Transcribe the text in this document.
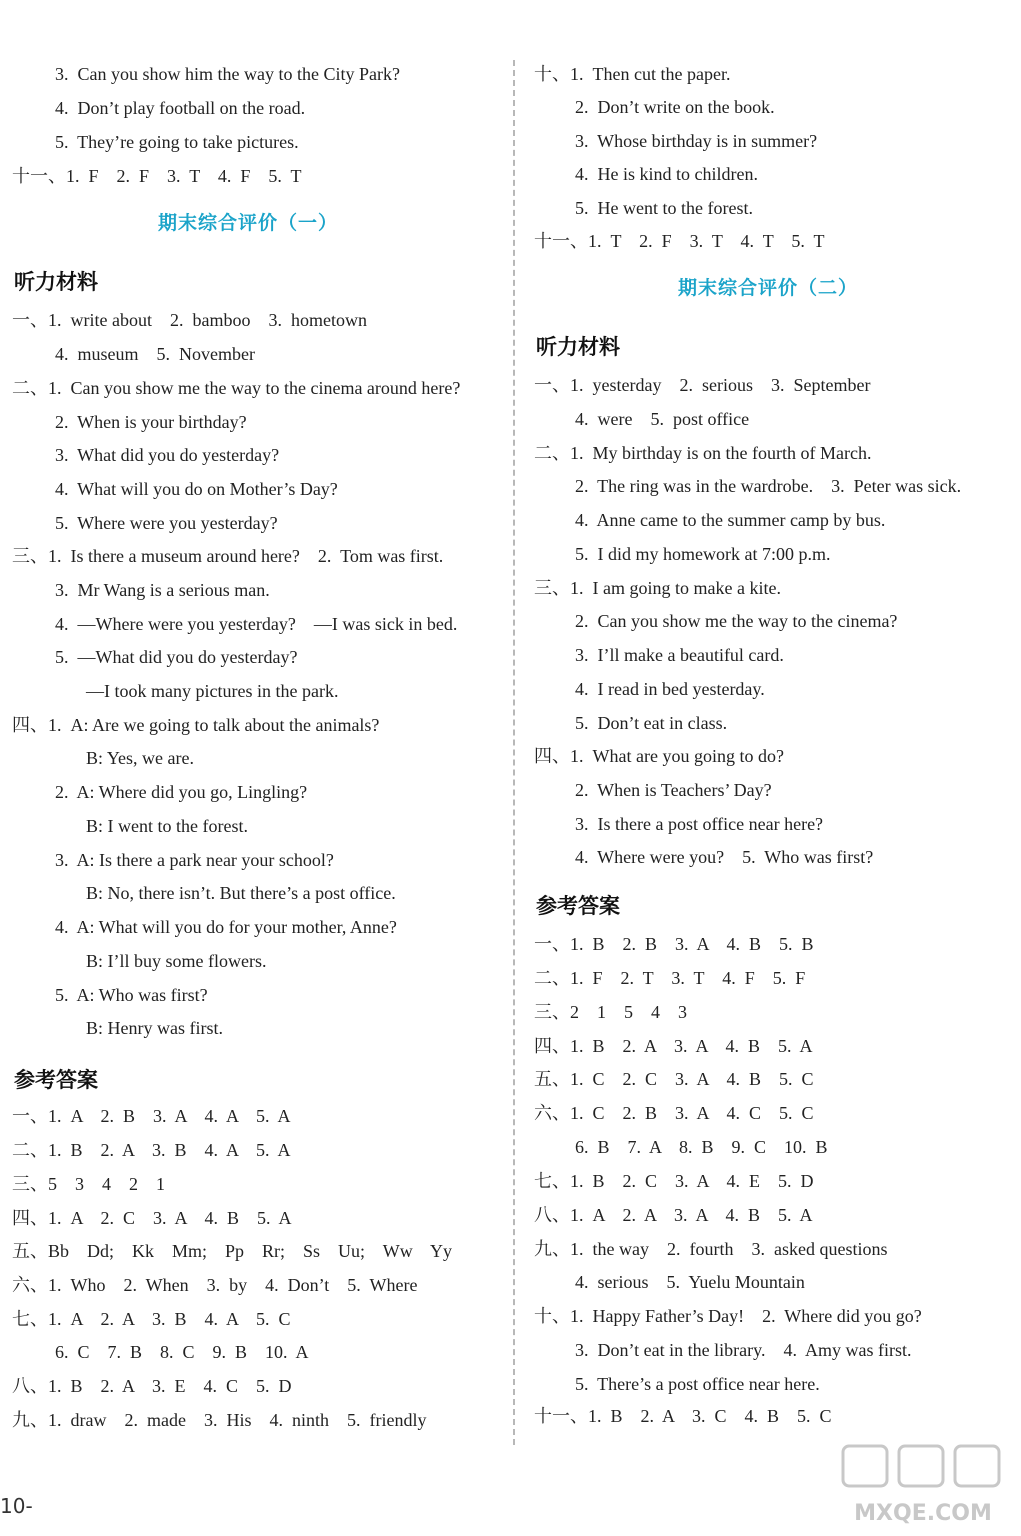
3.  Can you show him the way to the City Park?
4.  Don’t play football on the road.
5.  They’re going to take pictures.
十一、1.  F    2.  F    3.  T    4.  F    5.  T
期末综合评价（一）
听力材料
一、1.  write about    2.  bamboo    3.  hometown
4.  museum    5.  November
二、1.  Can you show me the way to the cinema around here?
2.  When is your birthday?
3.  What did you do yesterday?
4.  What will you do on Mother’s Day?
5.  Where were you yesterday?
三、1.  Is there a museum around here?    2.  Tom was first.
3.  Mr Wang is a serious man.
4.  —Where were you yesterday?    —I was sick in bed.
5.  —What did you do yesterday?
—I took many pictures in the park.
四、1.  A: Are we going to talk about the animals?
B: Yes, we are.
2.  A: Where did you go, Lingling?
B: I went to the forest.
3.  A: Is there a park near your school?
B: No, there isn’t. But there’s a post office.
4.  A: What will you do for your mother, Anne?
B: I’ll buy some flowers.
5.  A: Who was first?
B: Henry was first.
参考答案
一、1.  A    2.  B    3.  A    4.  A    5.  A
二、1.  B    2.  A    3.  B    4.  A    5.  A
三、5    3    4    2    1
四、1.  A    2.  C    3.  A    4.  B    5.  A
五、Bb    Dd;    Kk    Mm;    Pp    Rr;    Ss    Uu;    Ww    Yy
六、1.  Who    2.  When    3.  by    4.  Don’t    5.  Where
七、1.  A    2.  A    3.  B    4.  A    5.  C
6.  C    7.  B    8.  C    9.  B    10.  A
八、1.  B    2.  A    3.  E    4.  C    5.  D
九、1.  draw    2.  made    3.  His    4.  ninth    5.  friendly
十、1.  Then cut the paper.
2.  Don’t write on the book.
3.  Whose birthday is in summer?
4.  He is kind to children.
5.  He went to the forest.
十一、1.  T    2.  F    3.  T    4.  T    5.  T
期末综合评价（二）
听力材料
一、1.  yesterday    2.  serious    3.  September
4.  were    5.  post office
二、1.  My birthday is on the fourth of March.
2.  The ring was in the wardrobe.    3.  Peter was sick.
4.  Anne came to the summer camp by bus.
5.  I did my homework at 7:00 p.m.
三、1.  I am going to make a kite.
2.  Can you show me the way to the cinema?
3.  I’ll make a beautiful card.
4.  I read in bed yesterday.
5.  Don’t eat in class.
四、1.  What are you going to do?
2.  When is Teachers’ Day?
3.  Is there a post office near here?
4.  Where were you?    5.  Who was first?
参考答案
一、1.  B    2.  B    3.  A    4.  B    5.  B
二、1.  F    2.  T    3.  T    4.  F    5.  F
三、2    1    5    4    3
四、1.  B    2.  A    3.  A    4.  B    5.  A
五、1.  C    2.  C    3.  A    4.  B    5.  C
六、1.  C    2.  B    3.  A    4.  C    5.  C
6.  B    7.  A    8.  B    9.  C    10.  B
七、1.  B    2.  C    3.  A    4.  E    5.  D
八、1.  A    2.  A    3.  A    4.  B    5.  A
九、1.  the way    2.  fourth    3.  asked questions
4.  serious    5.  Yuelu Mountain
十、1.  Happy Father’s Day!    2.  Where did you go?
3.  Don’t eat in the library.    4.  Amy was first.
5.  There’s a post office near here.
十一、1.  B    2.  A    3.  C    4.  B    5.  C
10-	MXQE.COM
